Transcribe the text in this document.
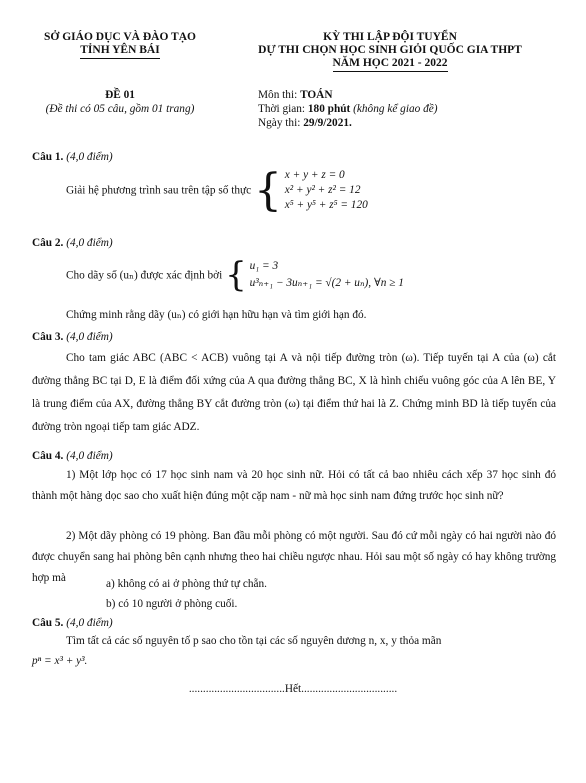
SỞ GIÁO DỤC VÀ ĐÀO TẠO
TỈNH YÊN BÁI
KỲ THI LẬP ĐỘI TUYỂN
DỰ THI CHỌN HỌC SINH GIỎI QUỐC GIA THPT
NĂM HỌC 2021 - 2022
ĐỀ 01
(Đề thi có 05 câu, gồm 01 trang)
Môn thi: TOÁN
Thời gian: 180 phút (không kể giao đề)
Ngày thi: 29/9/2021.
Câu 1. (4,0 điểm)
Giải hệ phương trình sau trên tập số thực { x + y + z = 0
x² + y² + z² = 12
x⁵ + y⁵ + z⁵ = 120
Câu 2. (4,0 điểm)
Cho dãy số (uₙ) được xác định bởi { u₁ = 3
u³ₙ₊₁ − 3uₙ₊₁ = √(2 + uₙ), ∀n ≥ 1
Chứng minh rằng dãy (uₙ) có giới hạn hữu hạn và tìm giới hạn đó.
Câu 3. (4,0 điểm)
Cho tam giác ABC (ABC < ACB) vuông tại A và nội tiếp đường tròn (ω). Tiếp tuyến tại A của (ω) cắt đường thẳng BC tại D, E là điểm đối xứng của A qua đường thẳng BC, X là hình chiếu vuông góc của A lên BE, Y là trung điểm của AX, đường thẳng BY cắt đường tròn (ω) tại điểm thứ hai là Z. Chứng minh BD là tiếp tuyến của đường tròn ngoại tiếp tam giác ADZ.
Câu 4. (4,0 điểm)
1) Một lớp học có 17 học sinh nam và 20 học sinh nữ. Hỏi có tất cả bao nhiêu cách xếp 37 học sinh đó thành một hàng dọc sao cho xuất hiện đúng một cặp nam - nữ mà học sinh nam đứng trước học sinh nữ?
2) Một dãy phòng có 19 phòng. Ban đầu mỗi phòng có một người. Sau đó cứ mỗi ngày có hai người nào đó được chuyển sang hai phòng bên cạnh nhưng theo hai chiều ngược nhau. Hỏi sau một số ngày có hay không trường hợp mà	a) không có ai ở phòng thứ tự chẵn.
b) có 10 người ở phòng cuối.
Câu 5. (4,0 điểm)
Tìm tất cả các số nguyên tố p sao cho tồn tại các số nguyên dương n, x, y thỏa mãn
pⁿ = x³ + y³.
..................................Hết..................................
